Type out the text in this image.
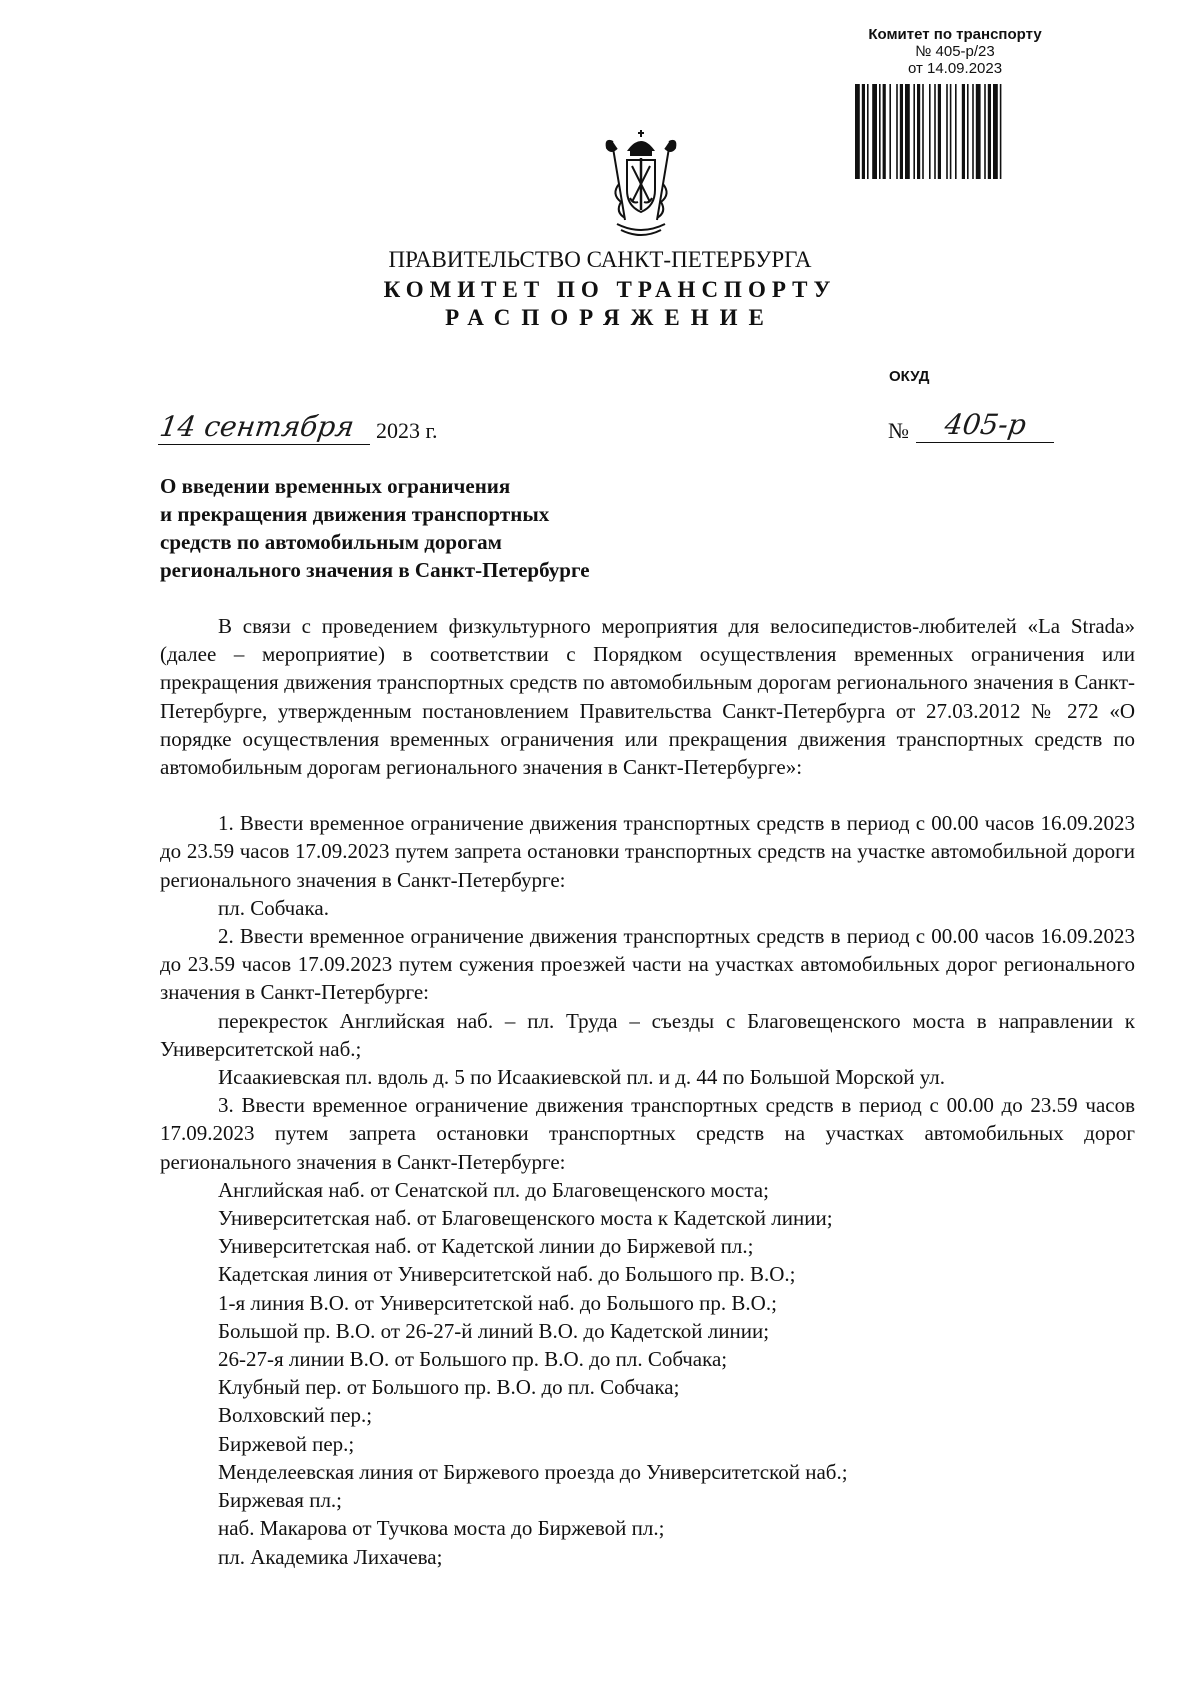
Комитет по транспорту
№ 405-р/23
от 14.09.2023
ПРАВИТЕЛЬСТВО САНКТ-ПЕТЕРБУРГА
КОМИТЕТ ПО ТРАНСПОРТУ
РАСПОРЯЖЕНИЕ
ОКУД
14 сентября 2023 г.	№	405-р
О введении временных ограничения
и прекращения движения транспортных
средств по автомобильным дорогам
регионального значения в Санкт-Петербурге

В связи с проведением физкультурного мероприятия для велосипедистов-любителей «La Strada» (далее – мероприятие) в соответствии с Порядком осуществления временных ограничения или прекращения движения транспортных средств по автомобильным дорогам регионального значения в Санкт-Петербурге, утвержденным постановлением Правительства Санкт-Петербурга от 27.03.2012 № 272 «О порядке осуществления временных ограничения или прекращения движения транспортных средств по автомобильным дорогам регионального значения в Санкт-Петербурге»:

1. Ввести временное ограничение движения транспортных средств в период с 00.00 часов 16.09.2023 до 23.59 часов 17.09.2023 путем запрета остановки транспортных средств на участке автомобильной дороги регионального значения в Санкт-Петербурге:

пл. Собчака.

2. Ввести временное ограничение движения транспортных средств в период с 00.00 часов 16.09.2023 до 23.59 часов 17.09.2023 путем сужения проезжей части на участках автомобильных дорог регионального значения в Санкт-Петербурге:

перекресток Английская наб. – пл. Труда – съезды с Благовещенского моста в направлении к Университетской наб.;

Исаакиевская пл. вдоль д. 5 по Исаакиевской пл. и д. 44 по Большой Морской ул.

3. Ввести временное ограничение движения транспортных средств в период с 00.00 до 23.59 часов 17.09.2023 путем запрета остановки транспортных средств на участках автомобильных дорог регионального значения в Санкт-Петербурге:

Английская наб. от Сенатской пл. до Благовещенского моста;
Университетская наб. от Благовещенского моста к Кадетской линии;
Университетская наб. от Кадетской линии до Биржевой пл.;
Кадетская линия от Университетской наб. до Большого пр. В.О.;
1-я линия В.О. от Университетской наб. до Большого пр. В.О.;
Большой пр. В.О. от 26-27-й линий В.О. до Кадетской линии;
26-27-я линии В.О. от Большого пр. В.О. до пл. Собчака;
Клубный пер. от Большого пр. В.О. до пл. Собчака;
Волховский пер.;
Биржевой пер.;
Менделеевская линия от Биржевого проезда до Университетской наб.;
Биржевая пл.;
наб. Макарова от Тучкова моста до Биржевой пл.;
пл. Академика Лихачева;
